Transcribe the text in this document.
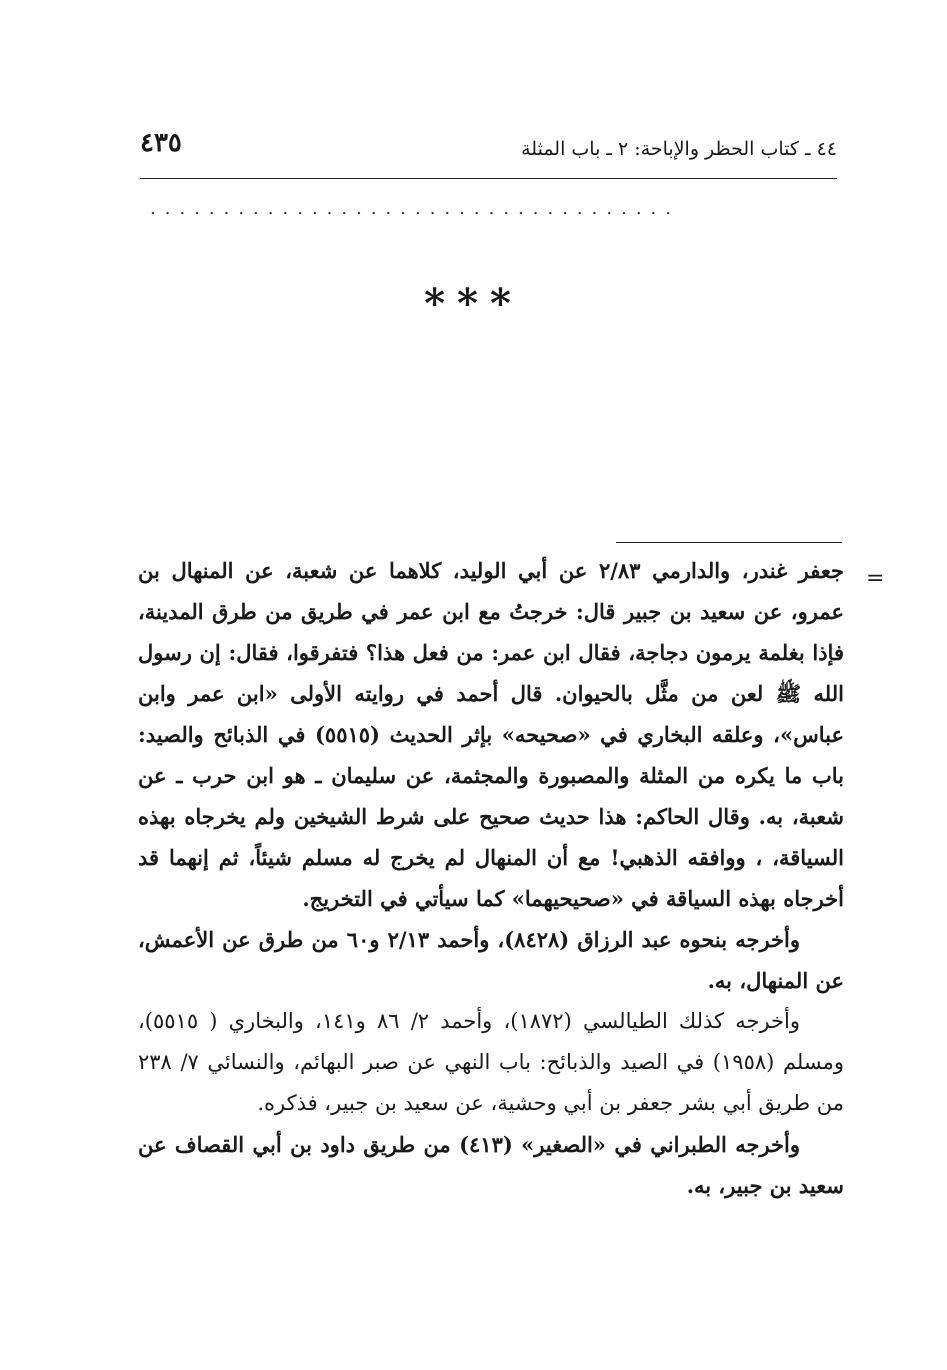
٤٤ ـ كتاب الحظر والإباحة: ٢ ـ باب المثلة
٤٣٥
....................................
***
=

جعفر غندر، والدارمي ٢/٨٣ عن أبي الوليد، كلاهما عن شعبة، عن المنهال بن عمرو، عن سعيد بن جبير قال: خرجتُ مع ابن عمر في طريق من طرق المدينة، فإذا بغلمة يرمون دجاجة، فقال ابن عمر: من فعل هذا؟ فتفرقوا، فقال: إن رسول الله ﷺ لعن من مثَّل بالحيوان. قال أحمد في روايته الأولى «ابن عمر وابن عباس»، وعلقه البخاري في «صحيحه» بإثر الحديث (٥٥١٥) في الذبائح والصيد: باب ما يكره من المثلة والمصبورة والمجثمة، عن سليمان ـ هو ابن حرب ـ عن شعبة، به. وقال الحاكم: هذا حديث صحيح على شرط الشيخين ولم يخرجاه بهذه السياقة، ، ووافقه الذهبي! مع أن المنهال لم يخرج له مسلم شيئاً، ثم إنهما قد أخرجاه بهذه السياقة في «صحيحيهما» كما سيأتي في التخريج.

وأخرجه بنحوه عبد الرزاق (٨٤٢٨)، وأحمد ٢/١٣ و٦٠ من طرق عن الأعمش، عن المنهال، به.

وأخرجه كذلك الطيالسي (١٨٧٢)، وأحمد ٢/ ٨٦ و١٤١، والبخاري ( ٥٥١٥)، ومسلم (١٩٥٨) في الصيد والذبائح: باب النهي عن صبر البهائم، والنسائي ٧/ ٢٣٨ من طريق أبي بشر جعفر بن أبي وحشية، عن سعيد بن جبير، فذكره.

وأخرجه الطبراني في «الصغير» (٤١٣) من طريق داود بن أبي القصاف عن سعيد بن جبير، به.
